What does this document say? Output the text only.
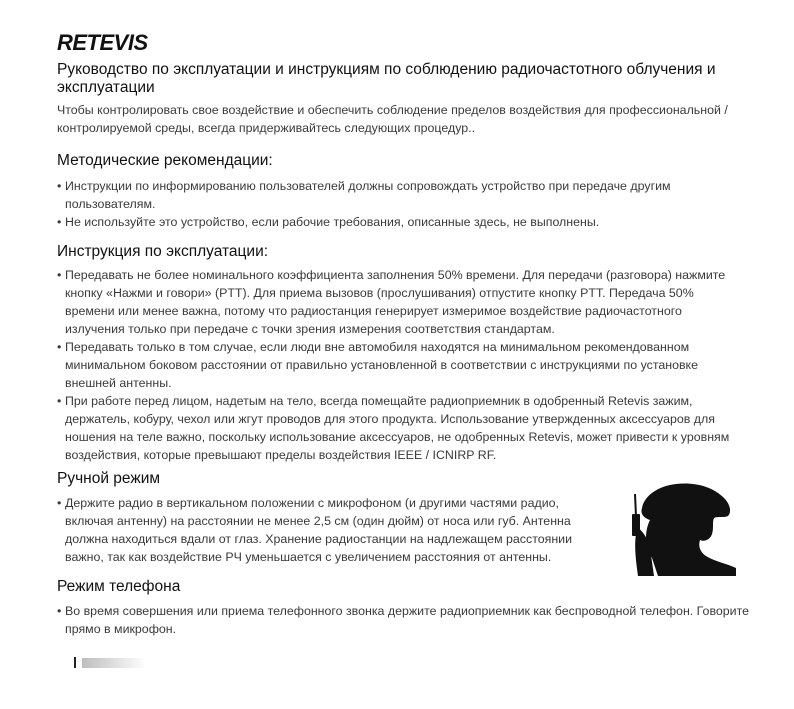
RETEVIS
Руководство по эксплуатации и инструкциям по соблюдению радиочастотного облучения и эксплуатации
Чтобы контролировать свое воздействие и обеспечить соблюдение пределов воздействия для профессиональной / контролируемой среды, всегда придерживайтесь следующих процедур..
Методические рекомендации:
• Инструкции по информированию пользователей должны сопровождать устройство при передаче другим пользователям.
• Не используйте это устройство, если рабочие требования, описанные здесь, не выполнены.
Инструкция по эксплуатации:
• Передавать не более номинального коэффициента заполнения 50% времени. Для передачи (разговора) нажмите кнопку «Нажми и говори» (PTT). Для приема вызовов (прослушивания) отпустите кнопку PTT. Передача 50% времени или менее важна, потому что радиостанция генерирует измеримое воздействие радиочастотного излучения только при передаче с точки зрения измерения соответствия стандартам.
• Передавать только в том случае, если люди вне автомобиля находятся на минимальном рекомендованном минимальном боковом расстоянии от правильно установленной в соответствии с инструкциями по установке внешней антенны.
• При работе перед лицом, надетым на тело, всегда помещайте радиоприемник в одобренный Retevis зажим, держатель, кобуру, чехол или жгут проводов для этого продукта. Использование утвержденных аксессуаров для ношения на теле важно, поскольку использование аксессуаров, не одобренных Retevis, может привести к уровням воздействия, которые превышают пределы воздействия IEEE / ICNIRP RF.
Ручной режим
• Держите радио в вертикальном положении с микрофоном (и другими частями радио, включая антенну) на расстоянии не менее 2,5 см (один дюйм) от носа или губ. Антенна должна находиться вдали от глаз. Хранение радиостанции на надлежащем расстоянии важно, так как воздействие РЧ уменьшается с увеличением расстояния от антенны.
Режим телефона
• Во время совершения или приема телефонного звонка держите радиоприемник как беспроводной телефон. Говорите прямо в микрофон.
